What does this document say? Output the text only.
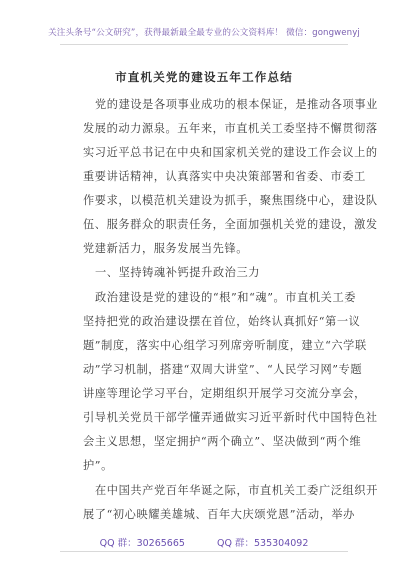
关注头条号“公文研究”，获得最新最全最专业的公文资料库！ 微信：gongwenyj
市直机关党的建设五年工作总结
党的建设是各项事业成功的根本保证，是推动各项事业
发展的动力源泉。五年来，市直机关工委坚持不懈贯彻落
实习近平总书记在中央和国家机关党的建设工作会议上的
重要讲话精神，认真落实中央决策部署和省委、市委工
作要求，以模范机关建设为抓手，聚焦围绕中心，建设队
伍、服务群众的职责任务，全面加强机关党的建设，激发
党建新活力，服务发展当先锋。
一、坚持铸魂补钙提升政治三力
政治建设是党的建设的“根”和“魂”。市直机关工委
坚持把党的政治建设摆在首位，始终认真抓好“第一议
题”制度，落实中心组学习列席旁听制度，建立“六学联
动”学习机制，搭建“双周大讲堂”、“人民学习网”专题
讲座等理论学习平台，定期组织开展学习交流分享会，
引导机关党员干部学懂弄通做实习近平新时代中国特色社
会主义思想，坚定拥护“两个确立”、坚决做到“两个维
护”。
在中国共产党百年华诞之际，市直机关工委广泛组织开
展了“初心映耀美雄城、百年大庆颂党恩”活动，举办
QQ 群：30265665	QQ 群：535304092
